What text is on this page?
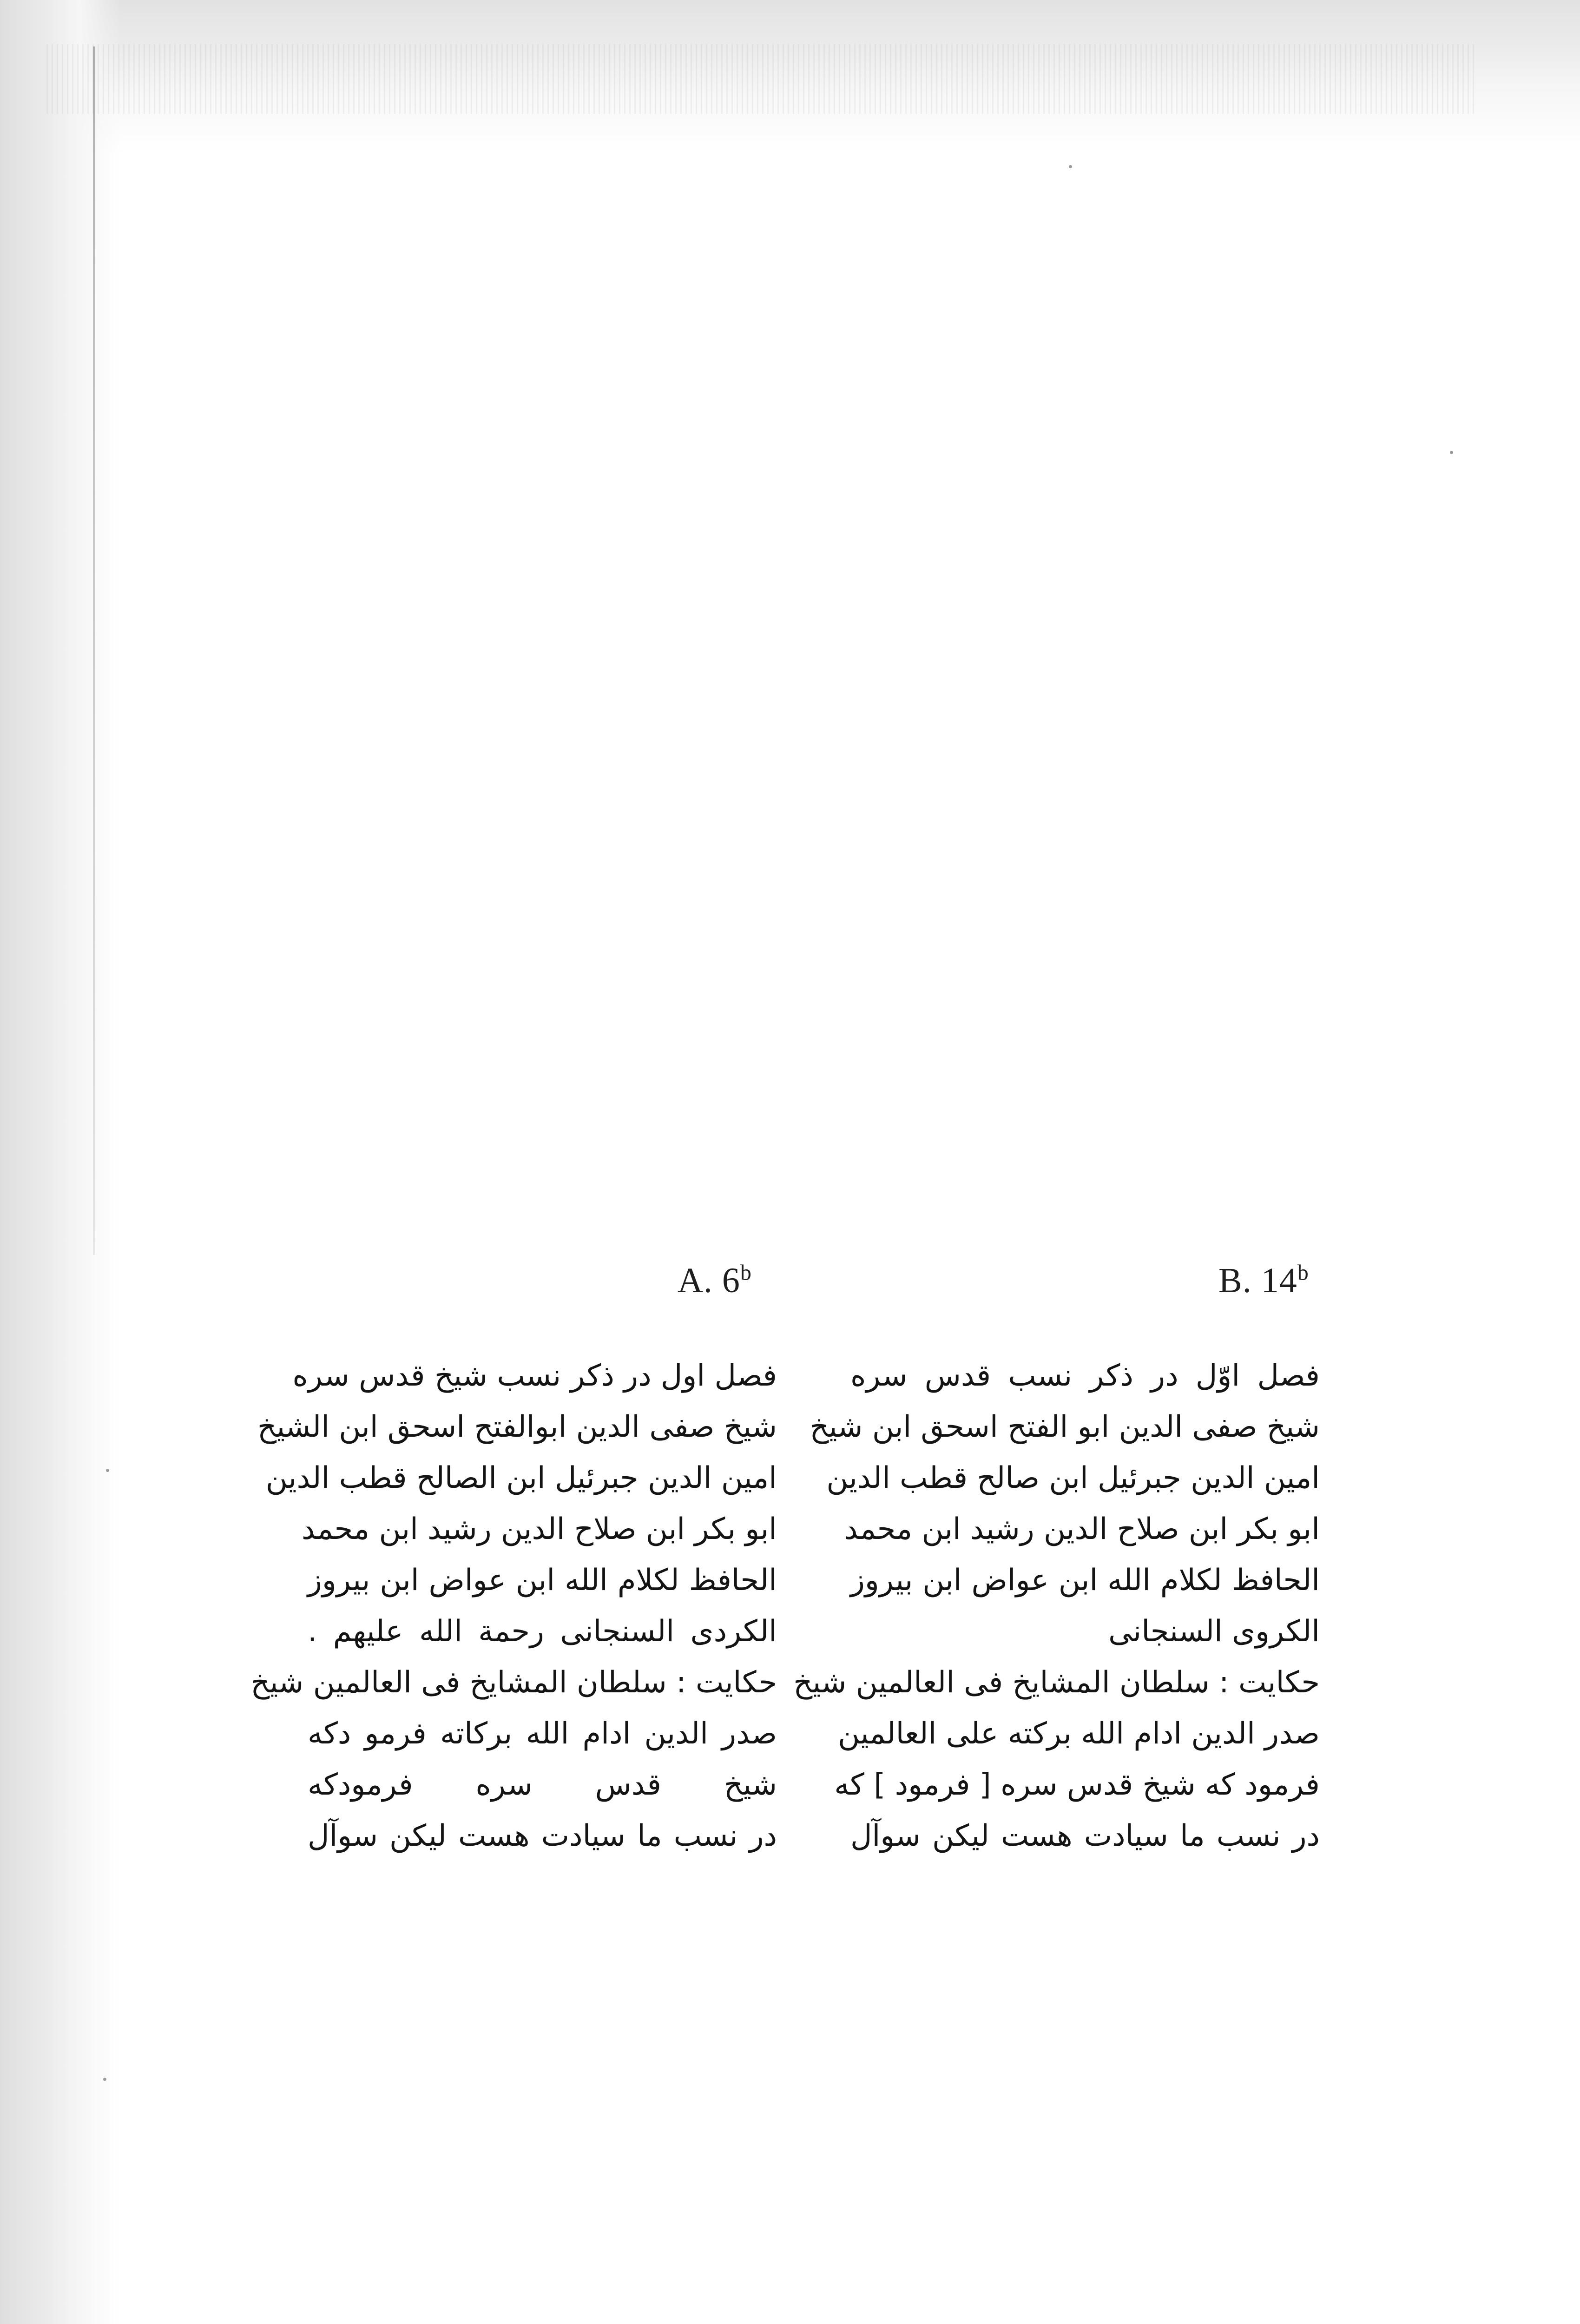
A. 6$^b$	B. 14$^b$
فصل اول در ذکر نسب شیخ قدس سره
شیخ صفی الدین ابوالفتح اسحق ابن الشیخ
امین الدین جبرئیل ابن الصالح قطب الدین
ابو بکر ابن صلاح الدین رشید ابن محمد
الحافظ لکلام الله ابن عواض ابن بیروز
الکردی السنجانی رحمة الله علیهم .
حکایت : سلطان المشایخ فی العالمین شیخ
صدر الدین ادام الله برکاته فرمو دکه
شیخ قدس سره فرمودکه
در نسب ما سیادت هست لیکن سوآل
فصل اوّل در ذکر نسب قدس سره
شیخ صفی الدین ابو الفتح اسحق ابن شیخ
امین الدین جبرئیل ابن صالح قطب الدین
ابو بکر ابن صلاح الدین رشید ابن محمد
الحافظ لکلام الله ابن عواض ابن بیروز
الکروی السنجانی
حکایت : سلطان المشایخ فی العالمین شیخ
صدر الدین ادام الله برکته علی العالمین
فرمود که شیخ قدس سره [ فرمود ] که
در نسب ما سیادت هست لیکن سوآل
